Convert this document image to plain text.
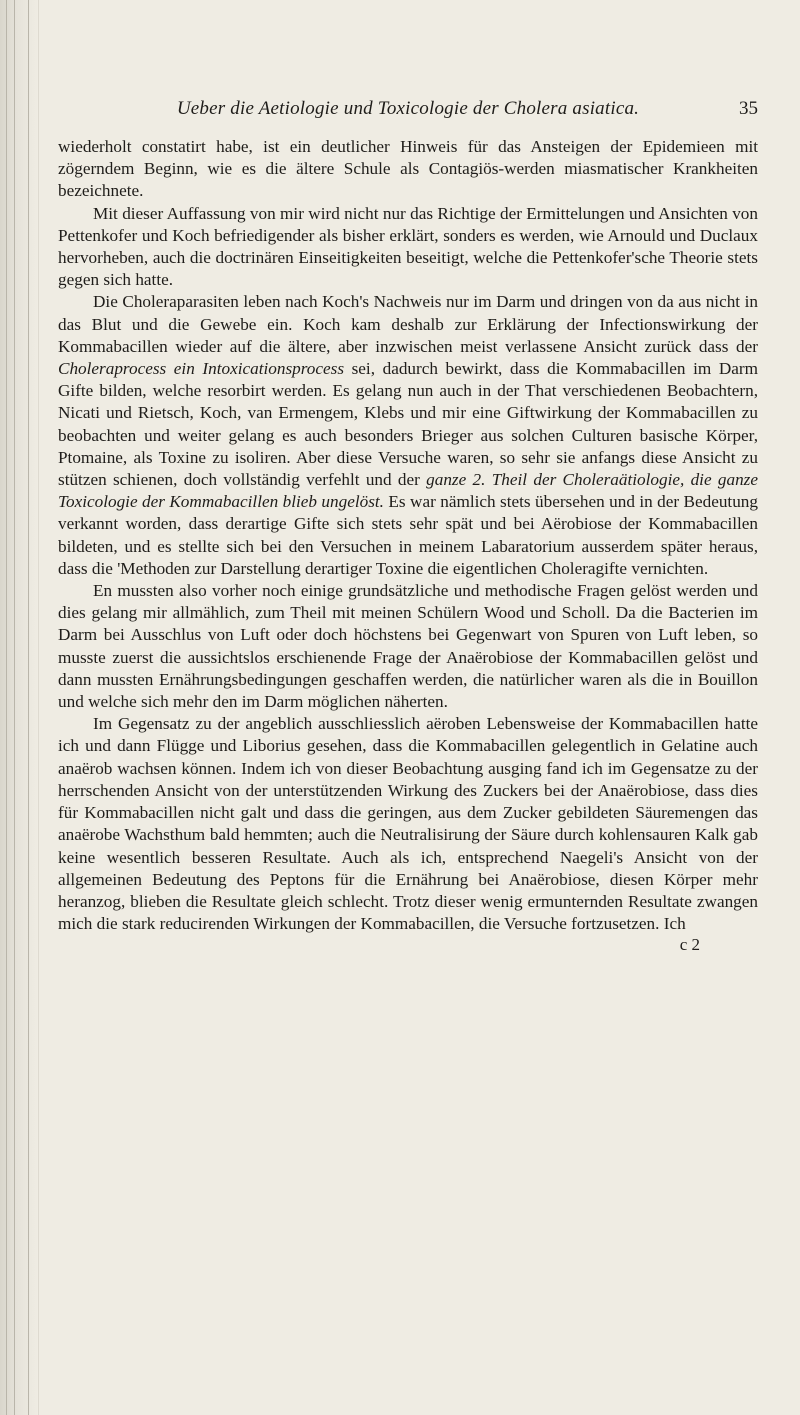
Ueber die Aetiologie und Toxicologie der Cholera asiatica.	35

wiederholt constatirt habe, ist ein deutlicher Hinweis für das Ansteigen der Epidemieen mit zögerndem Beginn, wie es die ältere Schule als Contagiös-werden miasmatischer Krankheiten bezeichnete.

Mit dieser Auffassung von mir wird nicht nur das Richtige der Ermittelungen und Ansichten von Pettenkofer und Koch befriedigender als bisher erklärt, sonders es werden, wie Arnould und Duclaux hervorheben, auch die doctrinären Einseitigkeiten beseitigt, welche die Pettenkofer'sche Theorie stets gegen sich hatte.

Die Choleraparasiten leben nach Koch's Nachweis nur im Darm und dringen von da aus nicht in das Blut und die Gewebe ein. Koch kam deshalb zur Erklärung der Infectionswirkung der Kommabacillen wieder auf die ältere, aber inzwischen meist verlassene Ansicht zurück dass der Choleraprocess ein Intoxicationsprocess sei, dadurch bewirkt, dass die Kommabacillen im Darm Gifte bilden, welche resorbirt werden. Es gelang nun auch in der That verschiedenen Beobachtern, Nicati und Rietsch, Koch, van Ermengem, Klebs und mir eine Giftwirkung der Kommabacillen zu beobachten und weiter gelang es auch besonders Brieger aus solchen Culturen basische Körper, Ptomaine, als Toxine zu isoliren. Aber diese Versuche waren, so sehr sie anfangs diese Ansicht zu stützen schienen, doch vollständig verfehlt und der ganze 2. Theil der Choleraätiologie, die ganze Toxicologie der Kommabacillen blieb ungelöst. Es war nämlich stets übersehen und in der Bedeutung verkannt worden, dass derartige Gifte sich stets sehr spät und bei Aërobiose der Kommabacillen bildeten, und es stellte sich bei den Versuchen in meinem Labaratorium ausserdem später heraus, dass die 'Methoden zur Darstellung derartiger Toxine die eigentlichen Choleragifte vernichten.

En mussten also vorher noch einige grundsätzliche und methodische Fragen gelöst werden und dies gelang mir allmählich, zum Theil mit meinen Schülern Wood und Scholl. Da die Bacterien im Darm bei Ausschlus von Luft oder doch höchstens bei Gegenwart von Spuren von Luft leben, so musste zuerst die aussichtslos erschienende Frage der Anaërobiose der Kommabacillen gelöst und dann mussten Ernährungsbedingungen geschaffen werden, die natürlicher waren als die in Bouillon und welche sich mehr den im Darm möglichen näherten.

Im Gegensatz zu der angeblich ausschliesslich aëroben Lebensweise der Kommabacillen hatte ich und dann Flügge und Liborius gesehen, dass die Kommabacillen gelegentlich in Gelatine auch anaërob wachsen können. Indem ich von dieser Beobachtung ausging fand ich im Gegensatze zu der herrschenden Ansicht von der unterstützenden Wirkung des Zuckers bei der Anaërobiose, dass dies für Kommabacillen nicht galt und dass die geringen, aus dem Zucker gebildeten Säuremengen das anaërobe Wachsthum bald hemmten; auch die Neutralisirung der Säure durch kohlensauren Kalk gab keine wesentlich besseren Resultate. Auch als ich, entsprechend Naegeli's Ansicht von der allgemeinen Bedeutung des Peptons für die Ernährung bei Anaërobiose, diesen Körper mehr heranzog, blieben die Resultate gleich schlecht. Trotz dieser wenig ermunternden Resultate zwangen mich die stark reducirenden Wirkungen der Kommabacillen, die Versuche fortzusetzen. Ich

c 2
